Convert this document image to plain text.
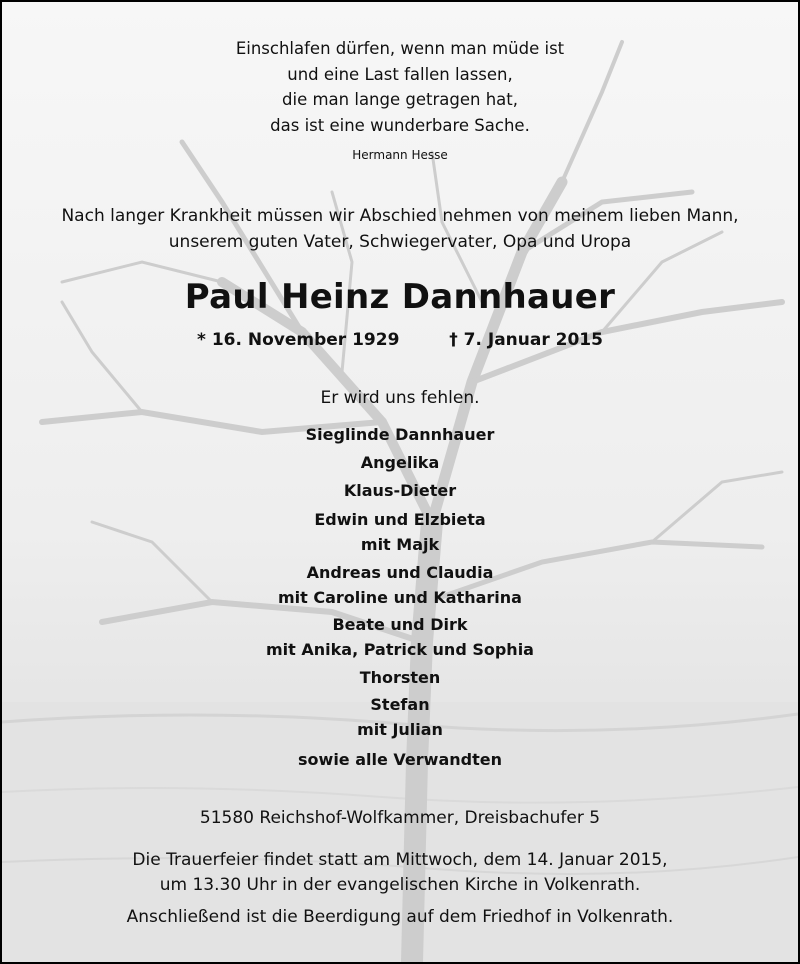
Einschlafen dürfen, wenn man müde ist
und eine Last fallen lassen,
die man lange getragen hat,
das ist eine wunderbare Sache.
Hermann Hesse
Nach langer Krankheit müssen wir Abschied nehmen von meinem lieben Mann,
unserem guten Vater, Schwiegervater, Opa und Uropa
Paul Heinz Dannhauer
* 16. November 1929	† 7. Januar 2015
Er wird uns fehlen.
Sieglinde Dannhauer
Angelika
Klaus-Dieter
Edwin und Elzbieta
mit Majk
Andreas und Claudia
mit Caroline und Katharina
Beate und Dirk
mit Anika, Patrick und Sophia
Thorsten
Stefan
mit Julian
sowie alle Verwandten
51580 Reichshof-Wolfkammer, Dreisbachufer 5
Die Trauerfeier findet statt am Mittwoch, dem 14. Januar 2015,
um 13.30 Uhr in der evangelischen Kirche in Volkenrath.
Anschließend ist die Beerdigung auf dem Friedhof in Volkenrath.
